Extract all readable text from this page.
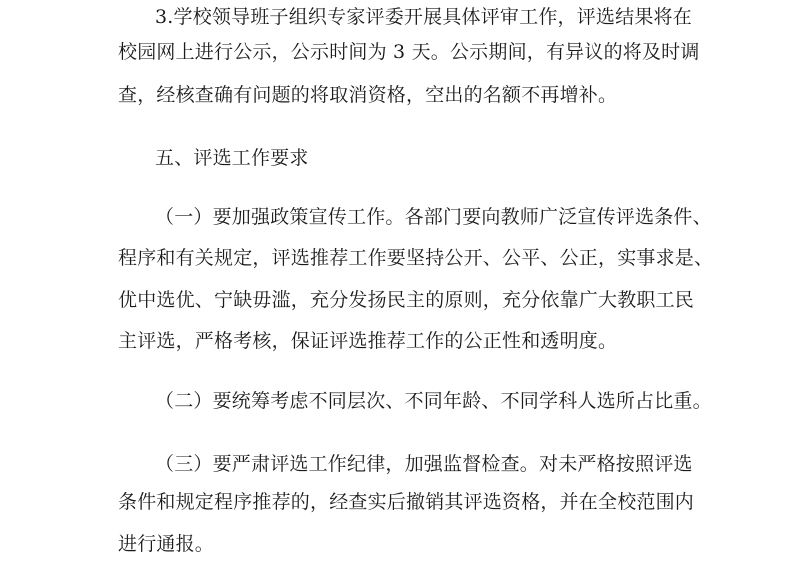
3.学校领导班子组织专家评委开展具体评审工作，评选结果将在
校园网上进行公示，公示时间为 3 天。公示期间，有异议的将及时调
查，经核查确有问题的将取消资格，空出的名额不再增补。
五、评选工作要求
（一）要加强政策宣传工作。各部门要向教师广泛宣传评选条件、
程序和有关规定，评选推荐工作要坚持公开、公平、公正，实事求是、
优中选优、宁缺毋滥，充分发扬民主的原则，充分依靠广大教职工民
主评选，严格考核，保证评选推荐工作的公正性和透明度。
（二）要统筹考虑不同层次、不同年龄、不同学科人选所占比重。
（三）要严肃评选工作纪律，加强监督检查。对未严格按照评选
条件和规定程序推荐的，经查实后撤销其评选资格，并在全校范围内
进行通报。
